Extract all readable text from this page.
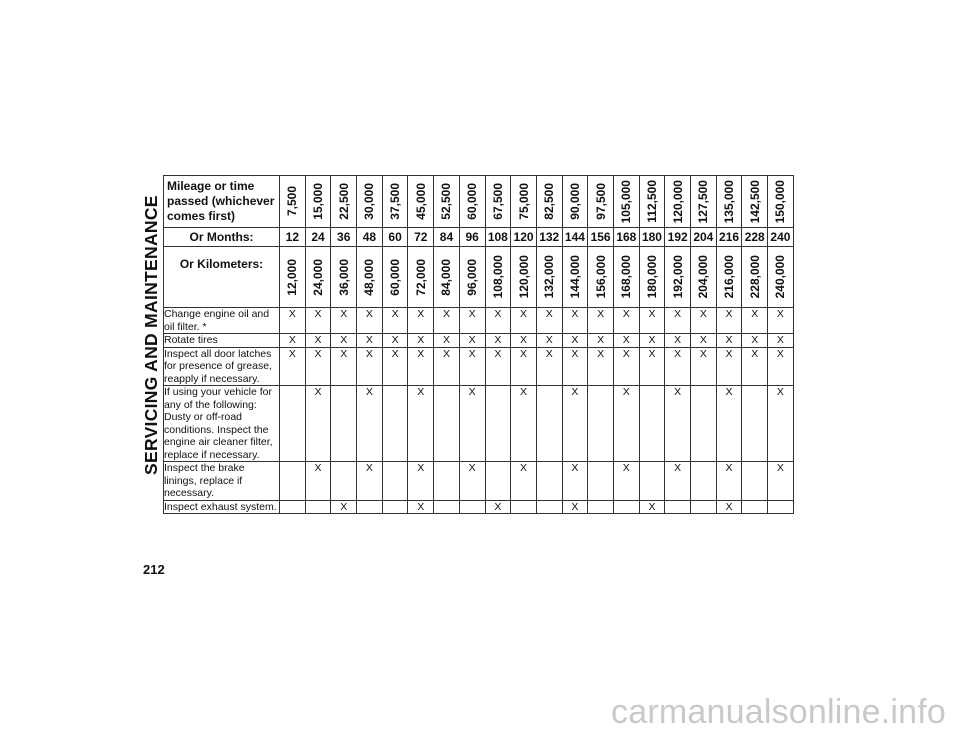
SERVICING AND MAINTENANCE
Mileage or time passed (whichever comes first)	7,500	15,000	22,500	30,000	37,500	45,000	52,500	60,000	67,500	75,000	82,500	90,000	97,500	105,000	112,500	120,000	127,500	135,000	142,500	150,000

Or Months:	12	24	36	48	60	72	84	96	108	120	132	144	156	168	180	192	204	216	228	240
Or Kilometers:	12,000	24,000	36,000	48,000	60,000	72,000	84,000	96,000	108,000	120,000	132,000	144,000	156,000	168,000	180,000	192,000	204,000	216,000	228,000	240,000

Change engine oil and oil filter. *	X	X	X	X	X	X	X	X	X	X	X	X	X	X	X	X	X	X	X	X
Rotate tires	X	X	X	X	X	X	X	X	X	X	X	X	X	X	X	X	X	X	X	X
Inspect all door latches for presence of grease, reapply if necessary.	X	X	X	X	X	X	X	X	X	X	X	X	X	X	X	X	X	X	X	X
If using your vehicle for any of the following: Dusty or off-road conditions. Inspect the engine air cleaner filter, replace if necessary.		X		X		X		X		X		X		X		X		X		X
Inspect the brake linings, replace if necessary.		X		X		X		X		X		X		X		X		X		X
Inspect exhaust system.			X			X			X			X			X			X		
212
carmanualsonline.info
